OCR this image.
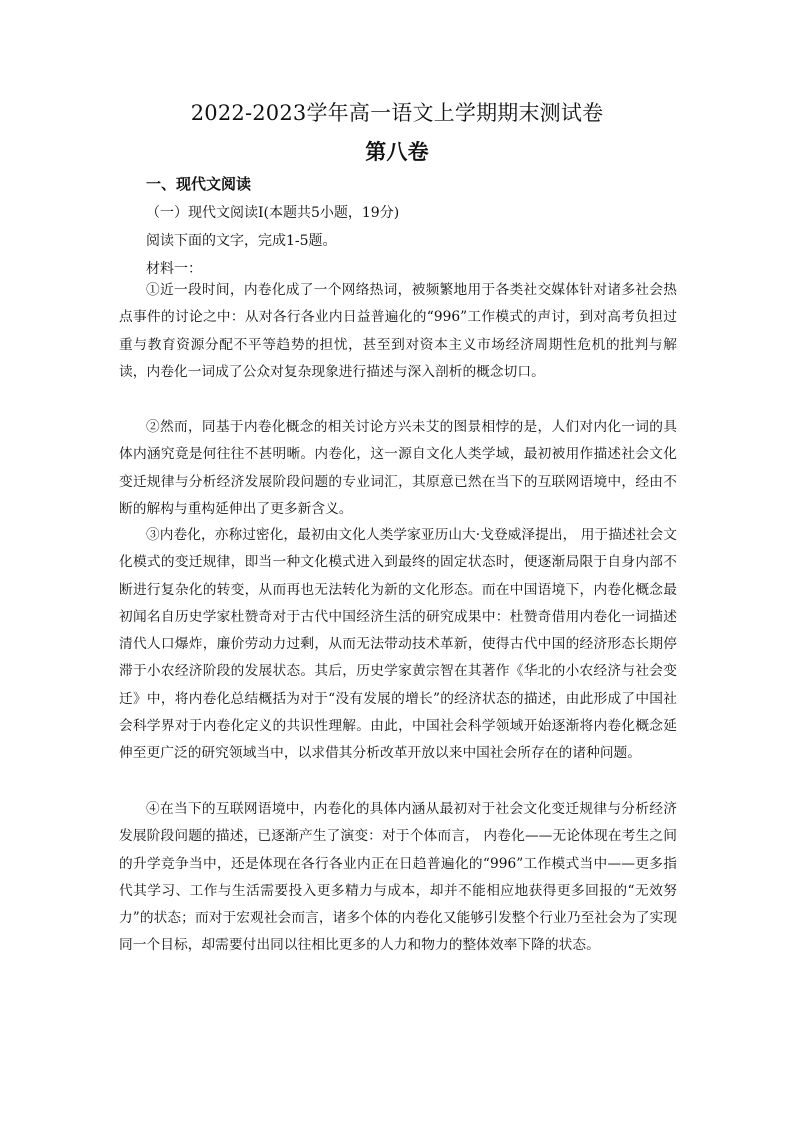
2022-2023学年高一语文上学期期末测试卷
第八卷
一、现代文阅读
（一）现代文阅读Ⅰ(本题共5小题，19分)
阅读下面的文字，完成1-5题。
材料一：
①近一段时间，内卷化成了一个网络热词，被频繁地用于各类社交媒体针对诸多社会热点事件的讨论之中：从对各行各业内日益普遍化的“996”工作模式的声讨，到对高考负担过重与教育资源分配不平等趋势的担忧，甚至到对资本主义市场经济周期性危机的批判与解读，内卷化一词成了公众对复杂现象进行描述与深入剖析的概念切口。
②然而，同基于内卷化概念的相关讨论方兴未艾的图景相悖的是，人们对内化一词的具体内涵究竟是何往往不甚明晰。内卷化，这一源自文化人类学域，最初被用作描述社会文化变迁规律与分析经济发展阶段问题的专业词汇，其原意已然在当下的互联网语境中，经由不断的解构与重构延伸出了更多新含义。
③内卷化，亦称过密化，最初由文化人类学家亚历山大·戈登威泽提出， 用于描述社会文化模式的变迁规律，即当一种文化模式进入到最终的固定状态时，便逐渐局限于自身内部不断进行复杂化的转变，从而再也无法转化为新的文化形态。而在中国语境下，内卷化概念最初闻名自历史学家杜赞奇对于古代中国经济生活的研究成果中：杜赞奇借用内卷化一词描述清代人口爆炸，廉价劳动力过剩，从而无法带动技术革新，使得古代中国的经济形态长期停滞于小农经济阶段的发展状态。其后，历史学家黄宗智在其著作《华北的小农经济与社会变迁》中，将内卷化总结概括为对于“没有发展的增长”的经济状态的描述，由此形成了中国社会科学界对于内卷化定义的共识性理解。由此，中国社会科学领域开始逐渐将内卷化概念延伸至更广泛的研究领域当中，以求借其分析改革开放以来中国社会所存在的诸种问题。
④在当下的互联网语境中，内卷化的具体内涵从最初对于社会文化变迁规律与分析经济发展阶段问题的描述，已逐渐产生了演变：对于个体而言， 内卷化——无论体现在考生之间的升学竞争当中，还是体现在各行各业内正在日趋普遍化的“996”工作模式当中——更多指代其学习、工作与生活需要投入更多精力与成本，却并不能相应地获得更多回报的“无效努力”的状态；而对于宏观社会而言，诸多个体的内卷化又能够引发整个行业乃至社会为了实现同一个目标，却需要付出同以往相比更多的人力和物力的整体效率下降的状态。
